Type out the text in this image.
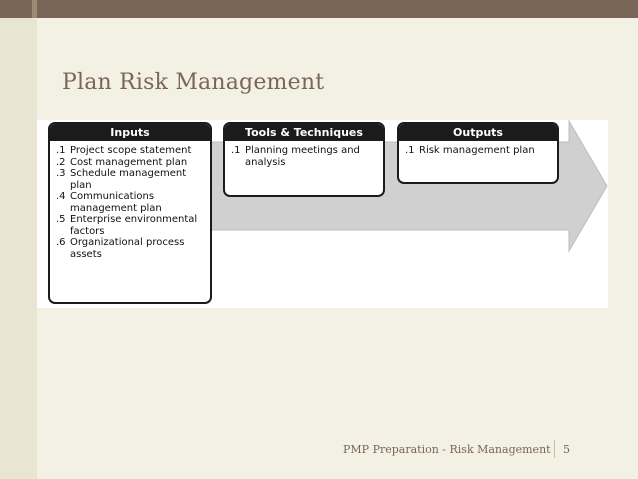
Plan Risk Management
Inputs
.1 Project scope statement
.2 Cost management plan
.3 Schedule management plan
.4 Communications management plan
.5 Enterprise environmental factors
.6 Organizational process assets
Tools & Techniques
.1 Planning meetings and analysis
Outputs
.1 Risk management plan
PMP Preparation - Risk Management 5
